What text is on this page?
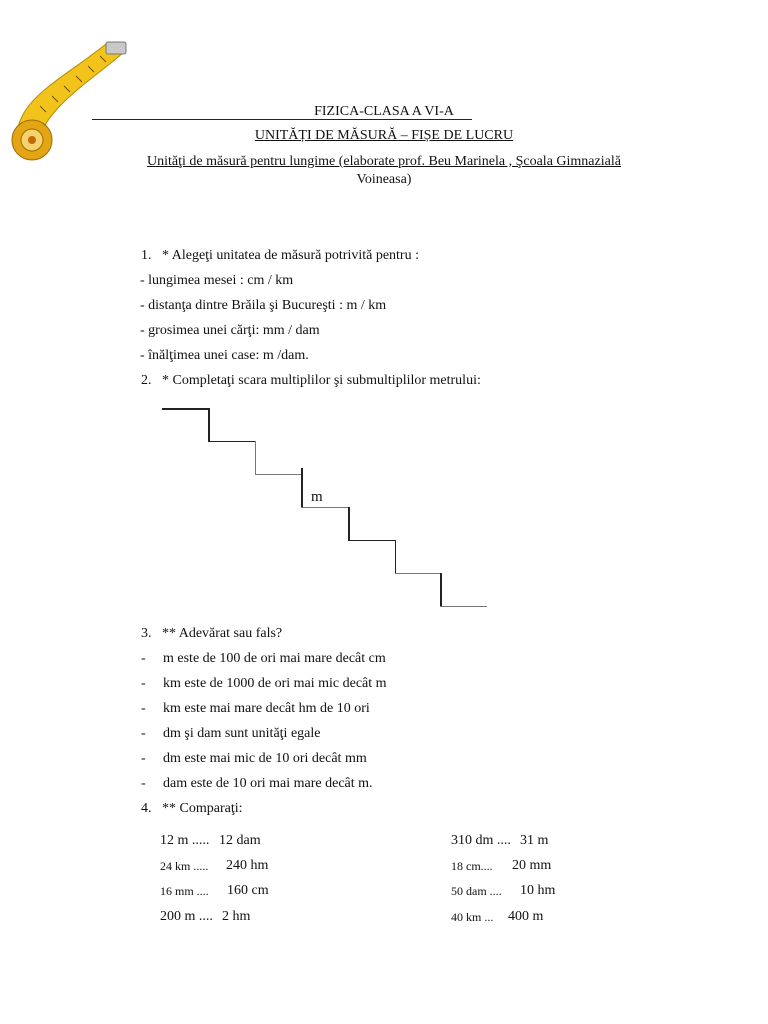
FIZICA-CLASA A VI-A
UNITĂȚI DE MĂSURĂ – FIȘE DE LUCRU
Unităţi de măsură pentru lungime (elaborate prof. Beu Marinela , Şcoala Gimnazială
Voineasa)
1. * Alegeţi unitatea de măsură potrivită pentru :
- lungimea mesei : cm / km
- distanţa dintre Brăila şi Bucureşti : m / km
- grosimea unei cărţi: mm / dam
- înălţimea unei case: m /dam.
2. * Completaţi scara multiplilor şi submultiplilor metrului:
m
3. ** Adevărat sau fals?
- m este de 100 de ori mai mare decât cm
- km este de 1000 de ori mai mic decât m
- km este mai mare decât hm de 10 ori
- dm şi dam sunt unităţi egale
- dm este mai mic de 10 ori decât mm
- dam este de 10 ori mai mare decât m.
4. ** Comparaţi:
12 m ..... 12 dam
24 km ..... 240 hm
16 mm .... 160 cm
200 m .... 2 hm
310 dm .... 31 m
18 cm.... 20 mm
50 dam .... 10 hm
40 km ... 400 m
